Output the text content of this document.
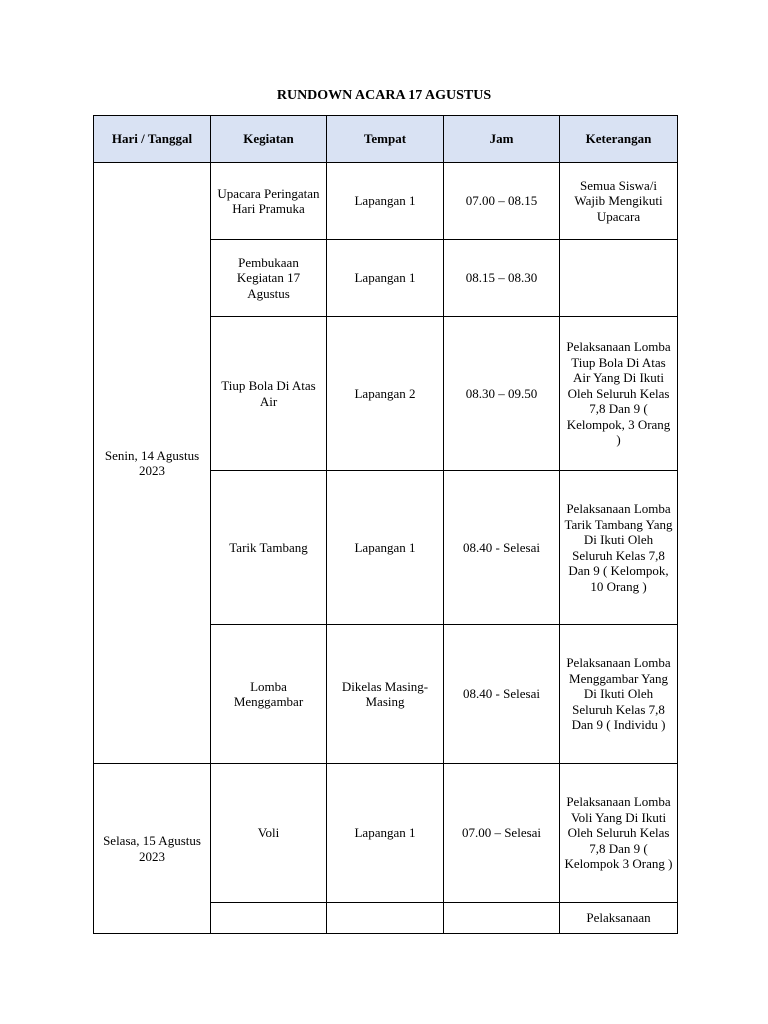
RUNDOWN ACARA 17 AGUSTUS
Hari / Tanggal	Kegiatan	Tempat	Jam	Keterangan
Senin, 14 Agustus 2023	Upacara Peringatan Hari Pramuka	Lapangan 1	07.00 – 08.15	Semua Siswa/i Wajib Mengikuti Upacara
	Pembukaan Kegiatan 17 Agustus	Lapangan 1	08.15 – 08.30	
	Tiup Bola Di Atas Air	Lapangan 2	08.30 – 09.50	Pelaksanaan Lomba Tiup Bola Di Atas Air Yang Di Ikuti Oleh Seluruh Kelas 7,8 Dan 9 ( Kelompok, 3 Orang )
	Tarik Tambang	Lapangan 1	08.40 - Selesai	Pelaksanaan Lomba Tarik Tambang Yang Di Ikuti Oleh Seluruh Kelas 7,8 Dan 9 ( Kelompok, 10 Orang )
	Lomba Menggambar	Dikelas Masing-Masing	08.40 - Selesai	Pelaksanaan Lomba Menggambar Yang Di Ikuti Oleh Seluruh Kelas 7,8 Dan 9 ( Individu )
Selasa, 15 Agustus 2023	Voli	Lapangan 1	07.00 – Selesai	Pelaksanaan Lomba Voli Yang Di Ikuti Oleh Seluruh Kelas 7,8 Dan 9 ( Kelompok 3 Orang )
				Pelaksanaan
